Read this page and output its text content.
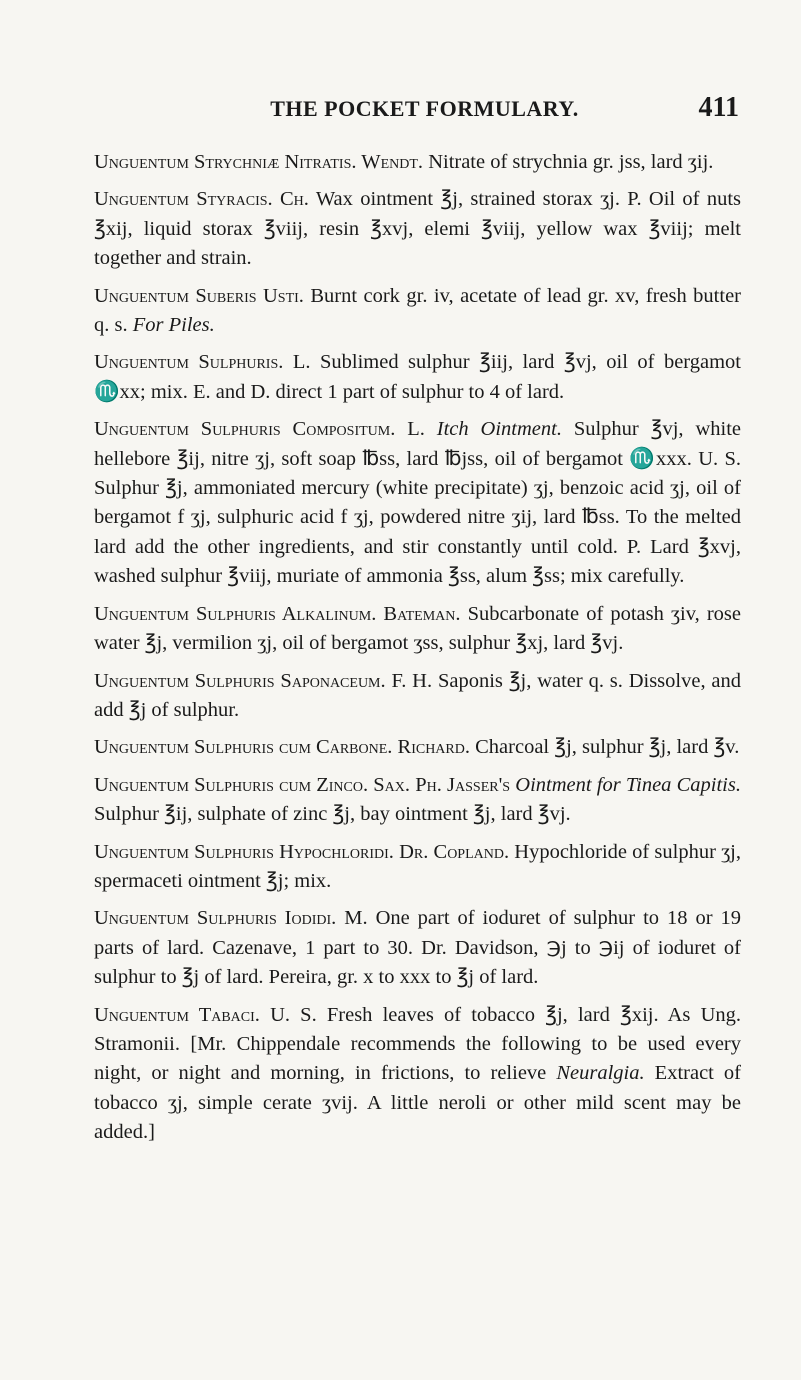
THE POCKET FORMULARY.	411

Unguentum Strychniæ Nitratis. Wendt. Nitrate of strychnia gr. jss, lard ʒij.

Unguentum Styracis. Ch. Wax ointment ℥j, strained storax ʒj. P. Oil of nuts ℥xij, liquid storax ℥viij, resin ℥xvj, elemi ℥viij, yellow wax ℥viij; melt together and strain.

Unguentum Suberis Usti. Burnt cork gr. iv, acetate of lead gr. xv, fresh butter q. s. For Piles.

Unguentum Sulphuris. L. Sublimed sulphur ℥iij, lard ℥vj, oil of bergamot ♏xx; mix. E. and D. direct 1 part of sulphur to 4 of lard.

Unguentum Sulphuris Compositum. L. Itch Ointment. Sulphur ℥vj, white hellebore ℥ij, nitre ʒj, soft soap ℔ss, lard ℔jss, oil of bergamot ♏xxx. U. S. Sulphur ℥j, ammoniated mercury (white precipitate) ʒj, benzoic acid ʒj, oil of bergamot f ʒj, sulphuric acid f ʒj, powdered nitre ʒij, lard ℔ss. To the melted lard add the other ingredients, and stir constantly until cold. P. Lard ℥xvj, washed sulphur ℥viij, muriate of ammonia ℥ss, alum ℥ss; mix carefully.

Unguentum Sulphuris Alkalinum. Bateman. Subcarbonate of potash ʒiv, rose water ℥j, vermilion ʒj, oil of bergamot ʒss, sulphur ℥xj, lard ℥vj.

Unguentum Sulphuris Saponaceum. F. H. Saponis ℥j, water q. s. Dissolve, and add ℥j of sulphur.

Unguentum Sulphuris cum Carbone. Richard. Charcoal ℥j, sulphur ℥j, lard ℥v.

Unguentum Sulphuris cum Zinco. Sax. Ph. Jasser's Ointment for Tinea Capitis. Sulphur ℥ij, sulphate of zinc ℥j, bay ointment ℥j, lard ℥vj.

Unguentum Sulphuris Hypochloridi. Dr. Copland. Hypochloride of sulphur ʒj, spermaceti ointment ℥j; mix.

Unguentum Sulphuris Iodidi. M. One part of ioduret of sulphur to 18 or 19 parts of lard. Cazenave, 1 part to 30. Dr. Davidson, ℈j to ℈ij of ioduret of sulphur to ℥j of lard. Pereira, gr. x to xxx to ℥j of lard.

Unguentum Tabaci. U. S. Fresh leaves of tobacco ℥j, lard ℥xij. As Ung. Stramonii. [Mr. Chippendale recommends the following to be used every night, or night and morning, in frictions, to relieve Neuralgia. Extract of tobacco ʒj, simple cerate ʒvij. A little neroli or other mild scent may be added.]
